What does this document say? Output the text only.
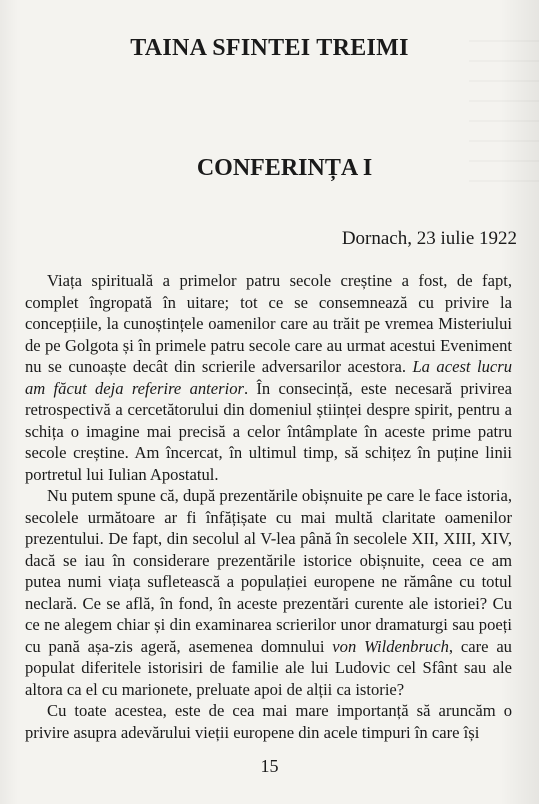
TAINA SFINTEI TREIMI
CONFERINȚA I

Dornach, 23 iulie 1922

Viața spirituală a primelor patru secole creștine a fost, de fapt, complet îngropată în uitare; tot ce se consemnează cu privire la concepțiile, la cunoștințele oamenilor care au trăit pe vremea Misteriului de pe Golgota și în primele patru secole care au urmat acestui Eveniment nu se cunoaște decât din scrierile adversarilor acestora. La acest lucru am făcut deja referire anterior. În consecință, este necesară privirea retrospectivă a cercetătorului din domeniul științei despre spirit, pentru a schița o imagine mai precisă a celor întâmplate în aceste prime patru secole creștine. Am încercat, în ultimul timp, să schițez în puține linii portretul lui Iulian Apostatul.

Nu putem spune că, după prezentările obișnuite pe care le face istoria, secolele următoare ar fi înfățișate cu mai multă claritate oamenilor prezentului. De fapt, din secolul al V-lea până în secolele XII, XIII, XIV, dacă se iau în considerare prezentările istorice obișnuite, ceea ce am putea numi viața sufletească a populației europene ne rămâne cu totul neclară. Ce se află, în fond, în aceste prezentări curente ale istoriei? Cu ce ne alegem chiar și din examinarea scrierilor unor dramaturgi sau poeți cu pană așa-zis ageră, asemenea domnului von Wildenbruch, care au populat diferitele istorisiri de familie ale lui Ludovic cel Sfânt sau ale altora ca el cu marionete, preluate apoi de alții ca istorie?

Cu toate acestea, este de cea mai mare importanță să aruncăm o privire asupra adevărului vieții europene din acele timpuri în care își

15
